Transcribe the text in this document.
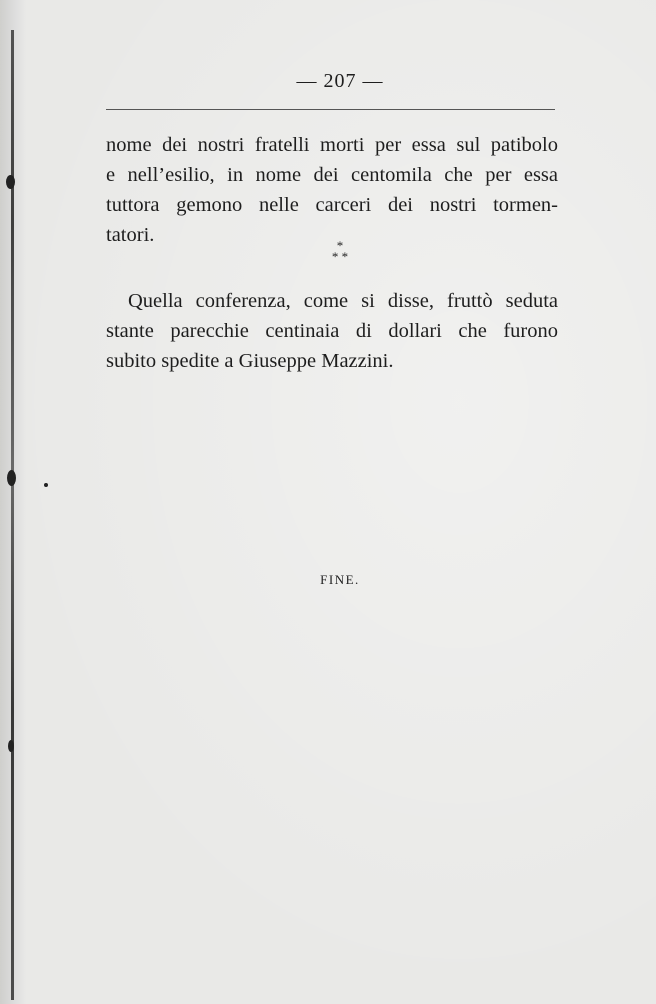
— 207 —
nome dei nostri fratelli morti per essa sul patibolo
e nell’esilio, in nome dei centomila che per essa
tuttora gemono nelle carceri dei nostri tormen-
tatori.	*
* *
Quella conferenza, come si disse, fruttò seduta
stante parecchie centinaia di dollari che furono
subito spedite a Giuseppe Mazzini.
FINE.
